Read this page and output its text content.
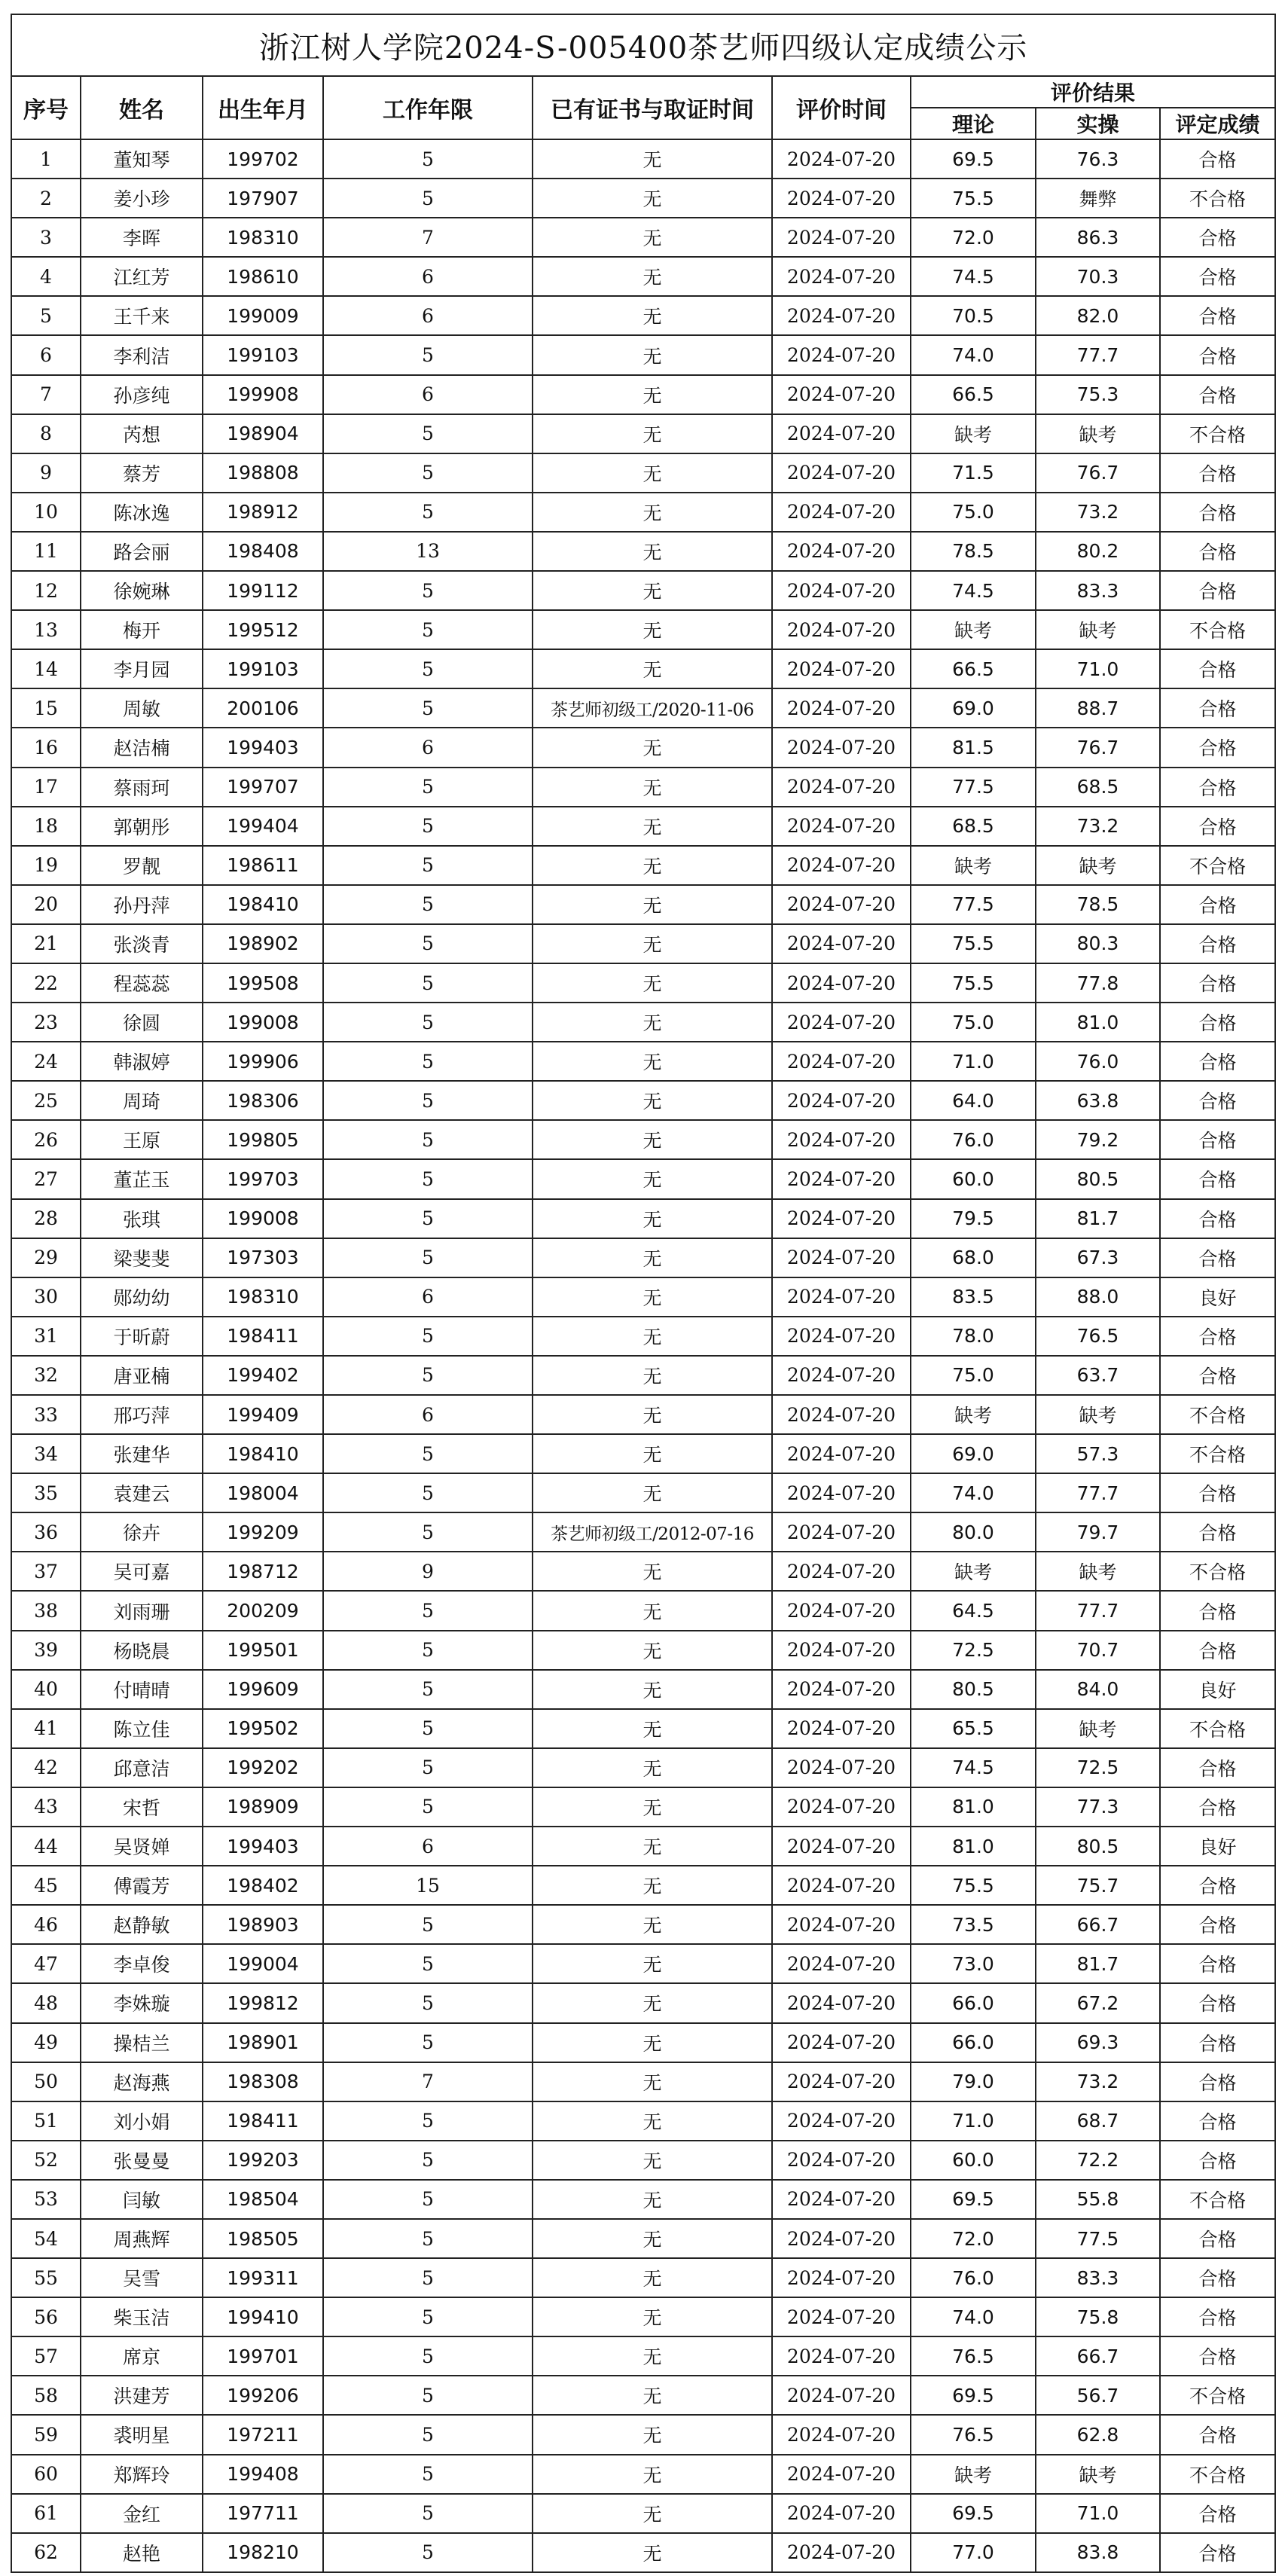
浙江树人学院2024-S-005400茶艺师四级认定成绩公示								
序号	姓名	出生年月	工作年限	已有证书与取证时间	评价时间	评价结果		
						理论	实操	评定成绩
1	董知琴	199702	5	无	2024-07-20	69.5	76.3	合格
2	姜小珍	197907	5	无	2024-07-20	75.5	舞弊	不合格
3	李晖	198310	7	无	2024-07-20	72.0	86.3	合格
4	江红芳	198610	6	无	2024-07-20	74.5	70.3	合格
5	王千来	199009	6	无	2024-07-20	70.5	82.0	合格
6	李利洁	199103	5	无	2024-07-20	74.0	77.7	合格
7	孙彦纯	199908	6	无	2024-07-20	66.5	75.3	合格
8	芮想	198904	5	无	2024-07-20	缺考	缺考	不合格
9	蔡芳	198808	5	无	2024-07-20	71.5	76.7	合格
10	陈冰逸	198912	5	无	2024-07-20	75.0	73.2	合格
11	路会丽	198408	13	无	2024-07-20	78.5	80.2	合格
12	徐婉琳	199112	5	无	2024-07-20	74.5	83.3	合格
13	梅开	199512	5	无	2024-07-20	缺考	缺考	不合格
14	李月园	199103	5	无	2024-07-20	66.5	71.0	合格
15	周敏	200106	5	茶艺师初级工/2020-11-06	2024-07-20	69.0	88.7	合格
16	赵洁楠	199403	6	无	2024-07-20	81.5	76.7	合格
17	蔡雨珂	199707	5	无	2024-07-20	77.5	68.5	合格
18	郭朝彤	199404	5	无	2024-07-20	68.5	73.2	合格
19	罗靓	198611	5	无	2024-07-20	缺考	缺考	不合格
20	孙丹萍	198410	5	无	2024-07-20	77.5	78.5	合格
21	张淡青	198902	5	无	2024-07-20	75.5	80.3	合格
22	程蕊蕊	199508	5	无	2024-07-20	75.5	77.8	合格
23	徐圆	199008	5	无	2024-07-20	75.0	81.0	合格
24	韩淑婷	199906	5	无	2024-07-20	71.0	76.0	合格
25	周琦	198306	5	无	2024-07-20	64.0	63.8	合格
26	王原	199805	5	无	2024-07-20	76.0	79.2	合格
27	董芷玉	199703	5	无	2024-07-20	60.0	80.5	合格
28	张琪	199008	5	无	2024-07-20	79.5	81.7	合格
29	梁斐斐	197303	5	无	2024-07-20	68.0	67.3	合格
30	郧幼幼	198310	6	无	2024-07-20	83.5	88.0	良好
31	于昕蔚	198411	5	无	2024-07-20	78.0	76.5	合格
32	唐亚楠	199402	5	无	2024-07-20	75.0	63.7	合格
33	邢巧萍	199409	6	无	2024-07-20	缺考	缺考	不合格
34	张建华	198410	5	无	2024-07-20	69.0	57.3	不合格
35	袁建云	198004	5	无	2024-07-20	74.0	77.7	合格
36	徐卉	199209	5	茶艺师初级工/2012-07-16	2024-07-20	80.0	79.7	合格
37	吴可嘉	198712	9	无	2024-07-20	缺考	缺考	不合格
38	刘雨珊	200209	5	无	2024-07-20	64.5	77.7	合格
39	杨晓晨	199501	5	无	2024-07-20	72.5	70.7	合格
40	付晴晴	199609	5	无	2024-07-20	80.5	84.0	良好
41	陈立佳	199502	5	无	2024-07-20	65.5	缺考	不合格
42	邱意洁	199202	5	无	2024-07-20	74.5	72.5	合格
43	宋哲	198909	5	无	2024-07-20	81.0	77.3	合格
44	吴贤婵	199403	6	无	2024-07-20	81.0	80.5	良好
45	傅霞芳	198402	15	无	2024-07-20	75.5	75.7	合格
46	赵静敏	198903	5	无	2024-07-20	73.5	66.7	合格
47	李卓俊	199004	5	无	2024-07-20	73.0	81.7	合格
48	李姝璇	199812	5	无	2024-07-20	66.0	67.2	合格
49	操桔兰	198901	5	无	2024-07-20	66.0	69.3	合格
50	赵海燕	198308	7	无	2024-07-20	79.0	73.2	合格
51	刘小娟	198411	5	无	2024-07-20	71.0	68.7	合格
52	张曼曼	199203	5	无	2024-07-20	60.0	72.2	合格
53	闫敏	198504	5	无	2024-07-20	69.5	55.8	不合格
54	周燕辉	198505	5	无	2024-07-20	72.0	77.5	合格
55	吴雪	199311	5	无	2024-07-20	76.0	83.3	合格
56	柴玉洁	199410	5	无	2024-07-20	74.0	75.8	合格
57	席京	199701	5	无	2024-07-20	76.5	66.7	合格
58	洪建芳	199206	5	无	2024-07-20	69.5	56.7	不合格
59	裘明星	197211	5	无	2024-07-20	76.5	62.8	合格
60	郑辉玲	199408	5	无	2024-07-20	缺考	缺考	不合格
61	金红	197711	5	无	2024-07-20	69.5	71.0	合格
62	赵艳	198210	5	无	2024-07-20	77.0	83.8	合格
